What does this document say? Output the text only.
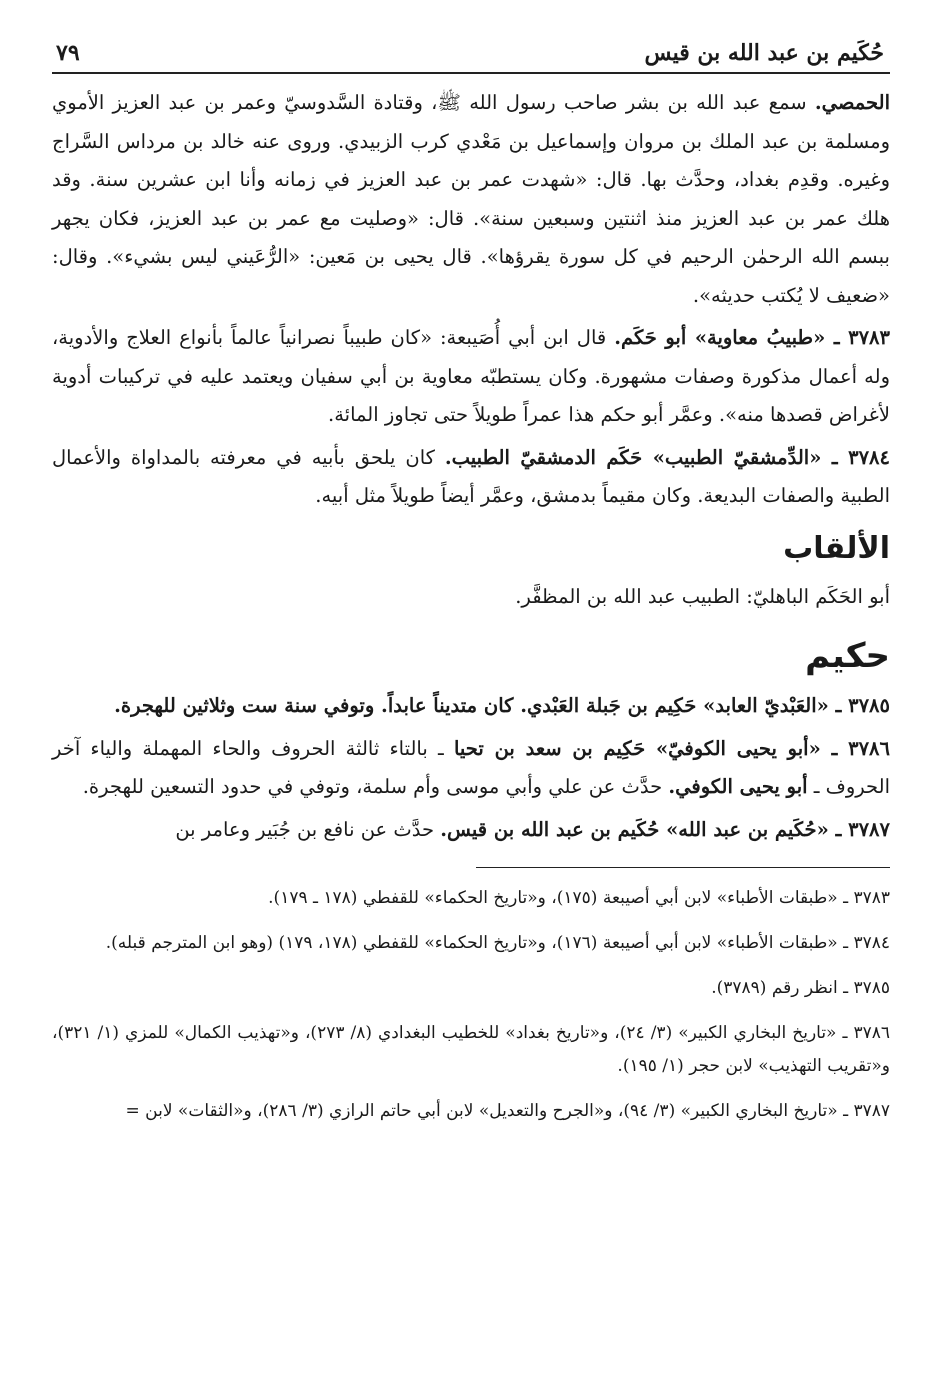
حُكَيم بن عبد الله بن قيس
٧٩

الحمصي. سمع عبد الله بن بشر صاحب رسول الله ﷺ، وقتادة السَّدوسيّ وعمر بن عبد العزيز الأموي ومسلمة بن عبد الملك بن مروان وإسماعيل بن مَعْدي كرب الزبيدي. وروى عنه خالد بن مرداس السَّراج وغيره. وقدِم بغداد، وحدَّث بها. قال: «شهدت عمر بن عبد العزيز في زمانه وأنا ابن عشرين سنة. وقد هلك عمر بن عبد العزيز منذ اثنتين وسبعين سنة». قال: «وصليت مع عمر بن عبد العزيز، فكان يجهر ببسم الله الرحمٰن الرحيم في كل سورة يقرؤها». قال يحيى بن مَعين: «الرُّعَيني ليس بشيء». وقال: «ضعيف لا يُكتب حديثه».

٣٧٨٣ ـ «طبيبُ معاوية» أبو حَكَم. قال ابن أبي أُصَيبعة: «كان طبيباً نصرانياً عالماً بأنواع العلاج والأدوية، وله أعمال مذكورة وصفات مشهورة. وكان يستطبّه معاوية بن أبي سفيان ويعتمد عليه في تركيبات أدوية لأغراض قصدها منه». وعمَّر أبو حكم هذا عمراً طويلاً حتى تجاوز المائة.

٣٧٨٤ ـ «الدِّمشقيّ الطبيب» حَكَم الدمشقيّ الطبيب. كان يلحق بأبيه في معرفته بالمداواة والأعمال الطبية والصفات البديعة. وكان مقيماً بدمشق، وعمَّر أيضاً طويلاً مثل أبيه.

الألقاب

أبو الحَكَم الباهليّ: الطبيب عبد الله بن المظفَّر.

حكيم

٣٧٨٥ ـ «العَبْديّ العابد» حَكِيم بن جَبلة العَبْدي. كان متديناً عابداً. وتوفي سنة ست وثلاثين للهجرة.

٣٧٨٦ ـ «أبو يحيى الكوفيّ» حَكِيم بن سعد بن تحيا ـ بالتاء ثالثة الحروف والحاء المهملة والياء آخر الحروف ـ أبو يحيى الكوفي. حدَّث عن علي وأبي موسى وأم سلمة، وتوفي في حدود التسعين للهجرة.

٣٧٨٧ ـ «حُكَيم بن عبد الله» حُكَيم بن عبد الله بن قيس. حدَّث عن نافع بن جُبَير وعامر بن

٣٧٨٣ ـ «طبقات الأطباء» لابن أبي أصيبعة (١٧٥)، و«تاريخ الحكماء» للقفطي (١٧٨ ـ ١٧٩).

٣٧٨٤ ـ «طبقات الأطباء» لابن أبي أصيبعة (١٧٦)، و«تاريخ الحكماء» للقفطي (١٧٨، ١٧٩) (وهو ابن المترجم قبله).

٣٧٨٥ ـ انظر رقم (٣٧٨٩).

٣٧٨٦ ـ «تاريخ البخاري الكبير» (٣/ ٢٤)، و«تاريخ بغداد» للخطيب البغدادي (٨/ ٢٧٣)، و«تهذيب الكمال» للمزي (١/ ٣٢١)، و«تقريب التهذيب» لابن حجر (١/ ١٩٥).

٣٧٨٧ ـ «تاريخ البخاري الكبير» (٣/ ٩٤)، و«الجرح والتعديل» لابن أبي حاتم الرازي (٣/ ٢٨٦)، و«الثقات» لابن =
